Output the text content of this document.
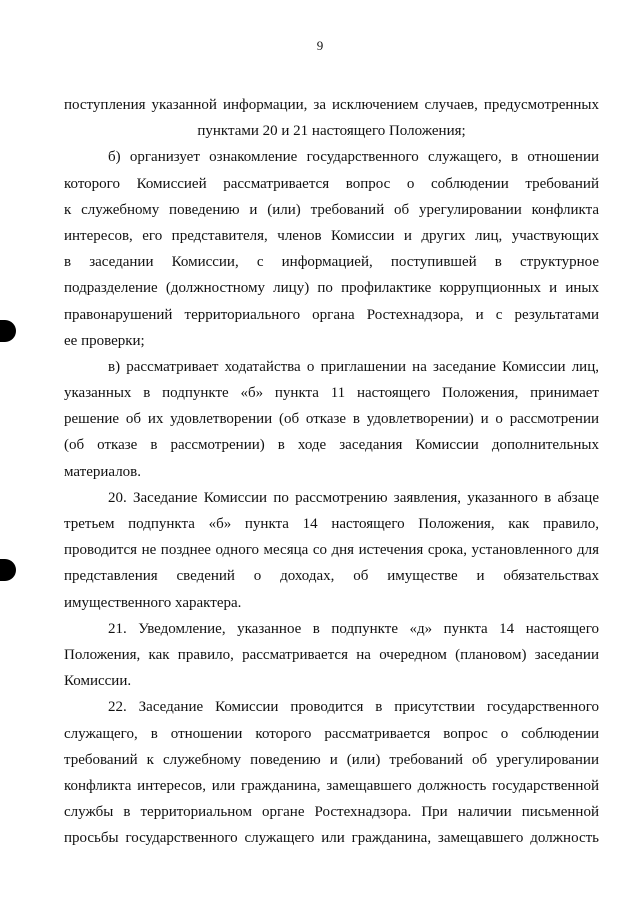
9
поступления указанной информации, за исключением случаев, предусмотренных
пунктами 20 и 21 настоящего Положения;
б) организует ознакомление государственного служащего, в отношении
которого Комиссией рассматривается вопрос о соблюдении требований
к служебному поведению и (или) требований об урегулировании конфликта
интересов, его представителя, членов Комиссии и других лиц, участвующих
в заседании Комиссии, с информацией, поступившей в структурное
подразделение (должностному лицу) по профилактике коррупционных и иных
правонарушений территориального органа Ростехнадзора, и с результатами
ее проверки;
в) рассматривает ходатайства о приглашении на заседание Комиссии лиц,
указанных в подпункте «б» пункта 11 настоящего Положения, принимает
решение об их удовлетворении (об отказе в удовлетворении) и о рассмотрении
(об отказе в рассмотрении) в ходе заседания Комиссии дополнительных
материалов.
20. Заседание Комиссии по рассмотрению заявления, указанного в абзаце
третьем подпункта «б» пункта 14 настоящего Положения, как правило,
проводится не позднее одного месяца со дня истечения срока, установленного для
представления сведений о доходах, об имуществе и обязательствах
имущественного характера.
21. Уведомление, указанное в подпункте «д» пункта 14 настоящего
Положения, как правило, рассматривается на очередном (плановом) заседании
Комиссии.
22. Заседание Комиссии проводится в присутствии государственного
служащего, в отношении которого рассматривается вопрос о соблюдении
требований к служебному поведению и (или) требований об урегулировании
конфликта интересов, или гражданина, замещавшего должность государственной
службы в территориальном органе Ростехнадзора. При наличии письменной
просьбы государственного служащего или гражданина, замещавшего должность
